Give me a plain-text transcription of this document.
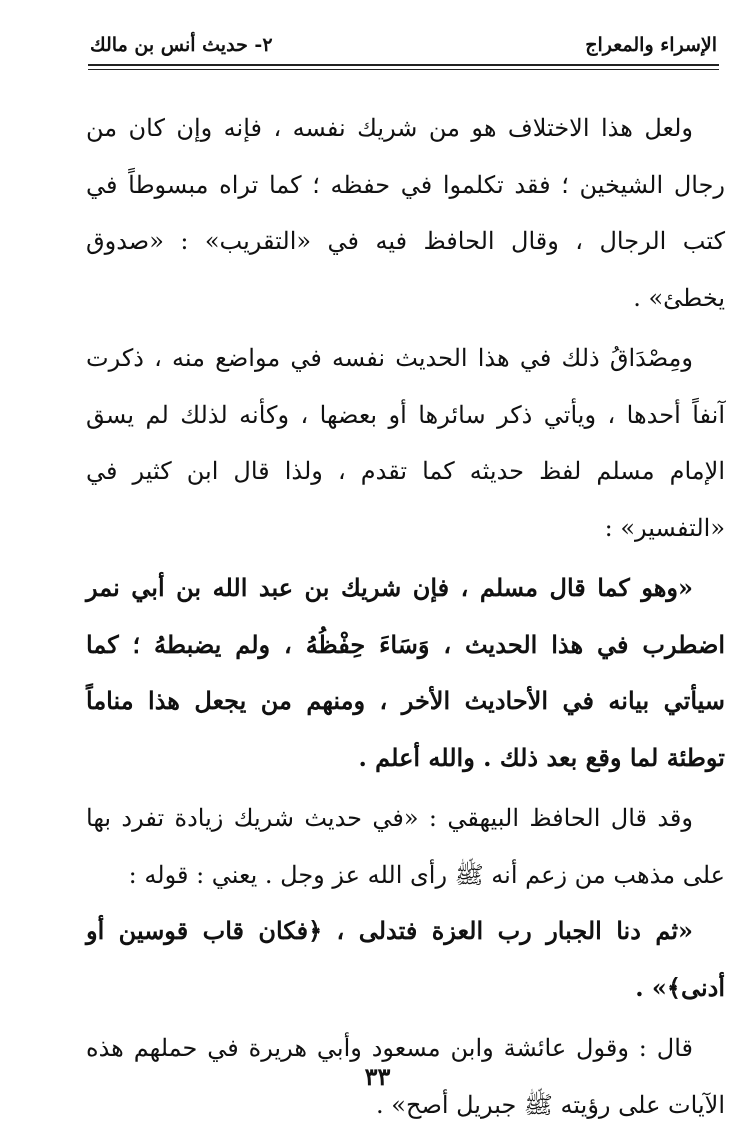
الإسراء والمعراج
٢- حديث أنس بن مالك

ولعل هذا الاختلاف هو من شريك نفسه ، فإنه وإن كان من رجال الشيخين ؛ فقد تكلموا في حفظه ؛ كما تراه مبسوطاً في كتب الرجال ، وقال الحافظ فيه في «التقريب» : «صدوق يخطئ» .

ومِصْدَاقُ ذلك في هذا الحديث نفسه في مواضع منه ، ذكرت آنفاً أحدها ، ويأتي ذكر سائرها أو بعضها ، وكأنه لذلك لم يسق الإمام مسلم لفظ حديثه كما تقدم ، ولذا قال ابن كثير في «التفسير» :

«وهو كما قال مسلم ، فإن شريك بن عبد الله بن أبي نمر اضطرب في هذا الحديث ، وَسَاءَ حِفْظُهُ ، ولم يضبطهُ ؛ كما سيأتي بيانه في الأحاديث الأخر ، ومنهم من يجعل هذا مناماً توطئة لما وقع بعد ذلك . والله أعلم .

وقد قال الحافظ البيهقي : «في حديث شريك زيادة تفرد بها على مذهب من زعم أنه ﷺ رأى الله عز وجل . يعني : قوله :

«ثم دنا الجبار رب العزة فتدلى ، ﴿فكان قاب قوسين أو أدنى﴾» .

قال : وقول عائشة وابن مسعود وأبي هريرة في حملهم هذه الآيات على رؤيته ﷺ جبريل أصح» .

٣٣
